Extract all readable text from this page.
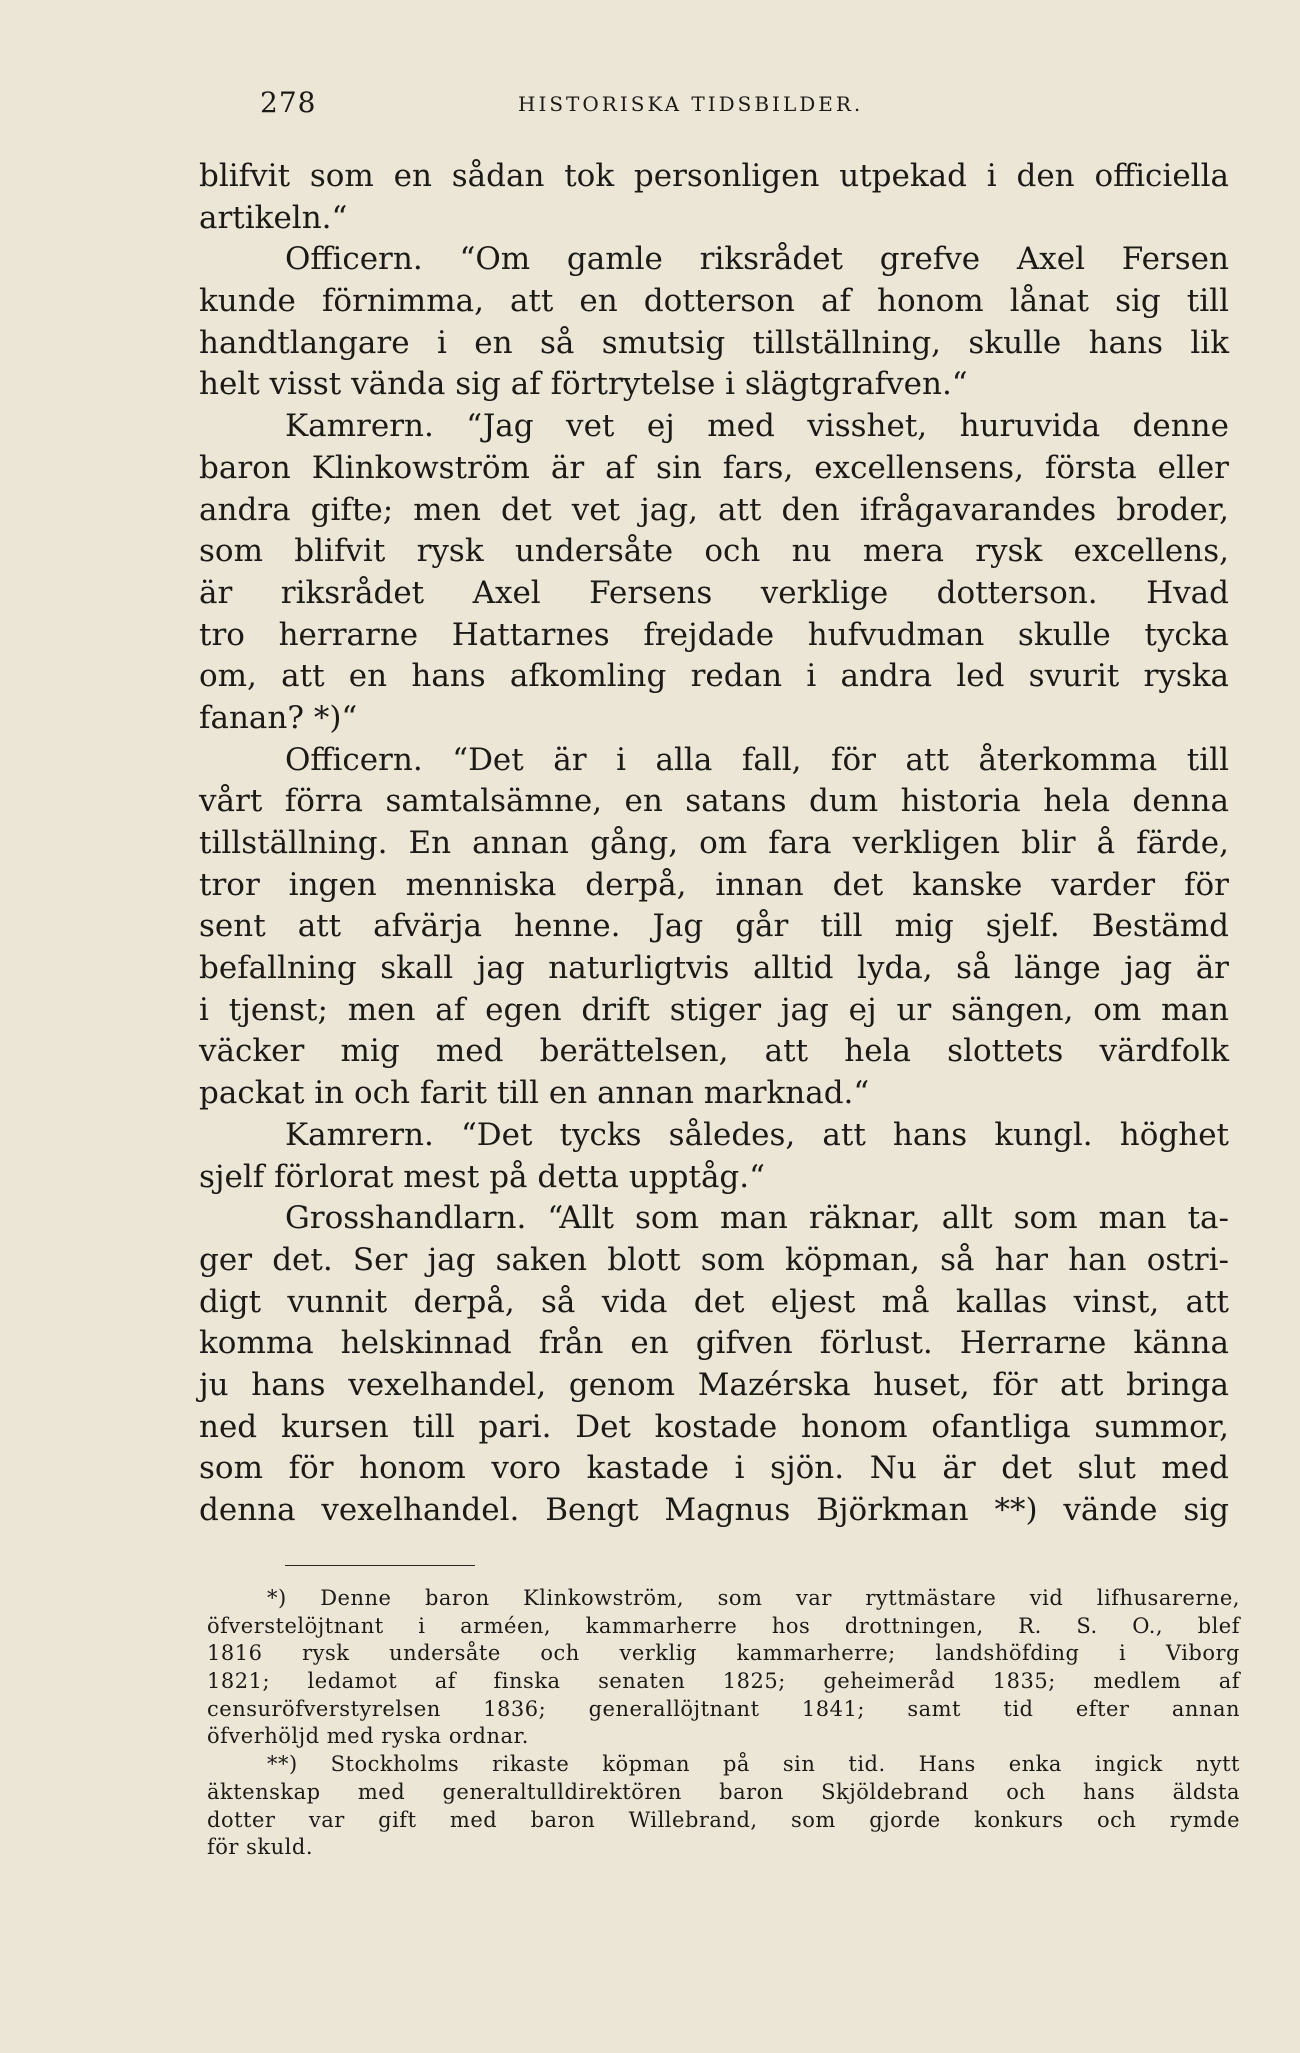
278	HISTORISKA TIDSBILDER.
blifvit som en sådan tok personligen utpekad i den officiella
artikeln.“
Officern. “Om gamle riksrådet grefve Axel Fersen
kunde förnimma, att en dotterson af honom lånat sig till
handtlangare i en så smutsig tillställning, skulle hans lik
helt visst vända sig af förtrytelse i slägtgrafven.“
Kamrern. “Jag vet ej med visshet, huruvida denne
baron Klinkowström är af sin fars, excellensens, första eller
andra gifte; men det vet jag, att den ifrågavarandes broder,
som blifvit rysk undersåte och nu mera rysk excellens,
är riksrådet Axel Fersens verklige dotterson. Hvad
tro herrarne Hattarnes frejdade hufvudman skulle tycka
om, att en hans afkomling redan i andra led svurit ryska
fanan? *)“
Officern. “Det är i alla fall, för att återkomma till
vårt förra samtalsämne, en satans dum historia hela denna
tillställning. En annan gång, om fara verkligen blir å färde,
tror ingen menniska derpå, innan det kanske varder för
sent att afvärja henne. Jag går till mig sjelf. Bestämd
befallning skall jag naturligtvis alltid lyda, så länge jag är
i tjenst; men af egen drift stiger jag ej ur sängen, om man
väcker mig med berättelsen, att hela slottets värdfolk
packat in och farit till en annan marknad.“
Kamrern. “Det tycks således, att hans kungl. höghet
sjelf förlorat mest på detta upptåg.“
Grosshandlarn. “Allt som man räknar, allt som man ta-
ger det. Ser jag saken blott som köpman, så har han ostri-
digt vunnit derpå, så vida det eljest må kallas vinst, att
komma helskinnad från en gifven förlust. Herrarne känna
ju hans vexelhandel, genom Mazérska huset, för att bringa
ned kursen till pari. Det kostade honom ofantliga summor,
som för honom voro kastade i sjön. Nu är det slut med
denna vexelhandel. Bengt Magnus Björkman **) vände sig
*) Denne baron Klinkowström, som var ryttmästare vid lifhusarerne,
öfverstelöjtnant i arméen, kammarherre hos drottningen, R. S. O., blef
1816 rysk undersåte och verklig kammarherre; landshöfding i Viborg
1821; ledamot af finska senaten 1825; geheimeråd 1835; medlem af
censuröfverstyrelsen 1836; generallöjtnant 1841; samt tid efter annan
öfverhöljd med ryska ordnar.
**) Stockholms rikaste köpman på sin tid. Hans enka ingick nytt
äktenskap med generaltulldirektören baron Skjöldebrand och hans äldsta
dotter var gift med baron Willebrand, som gjorde konkurs och rymde
för skuld.
